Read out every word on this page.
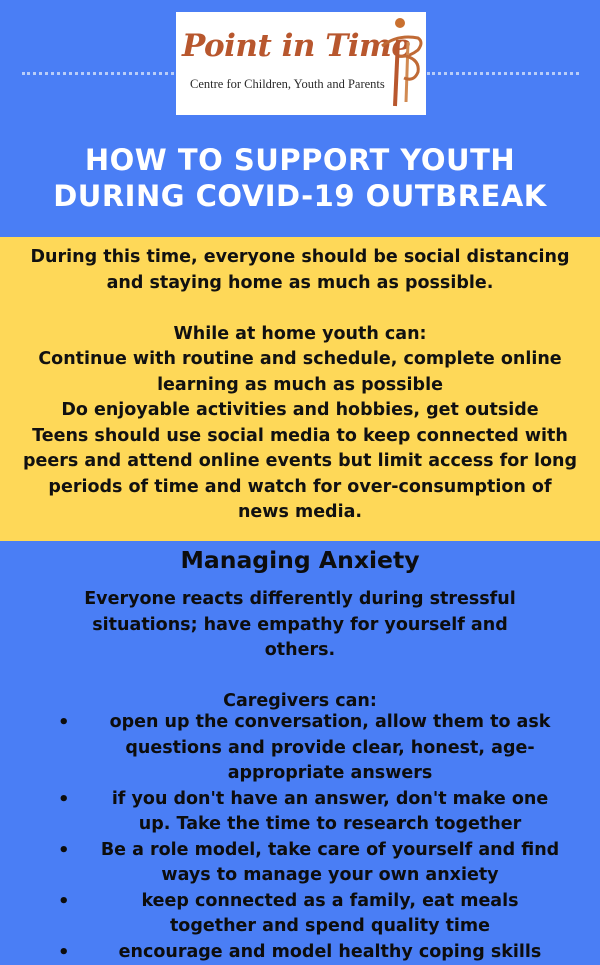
Point in Time
Centre for Children, Youth and Parents
HOW TO SUPPORT YOUTH
DURING COVID-19 OUTBREAK
During this time, everyone should be social distancing
and staying home as much as possible.
While at home youth can:
Continue with routine and schedule, complete online
learning as much as possible
Do enjoyable activities and hobbies, get outside
Teens should use social media to keep connected with
peers and attend online events but limit access for long
periods of time and watch for over-consumption of
news media.
Managing Anxiety
Everyone reacts differently during stressful
situations; have empathy for yourself and
others.
Caregivers can:
•	open up the conversation, allow them to ask
questions and provide clear, honest, age-
appropriate answers
•	if you don't have an answer, don't make one
up. Take the time to research together
•	Be a role model, take care of yourself and find
ways to manage your own anxiety
•	keep connected as a family, eat meals
together and spend quality time
•	encourage and model healthy coping skills
